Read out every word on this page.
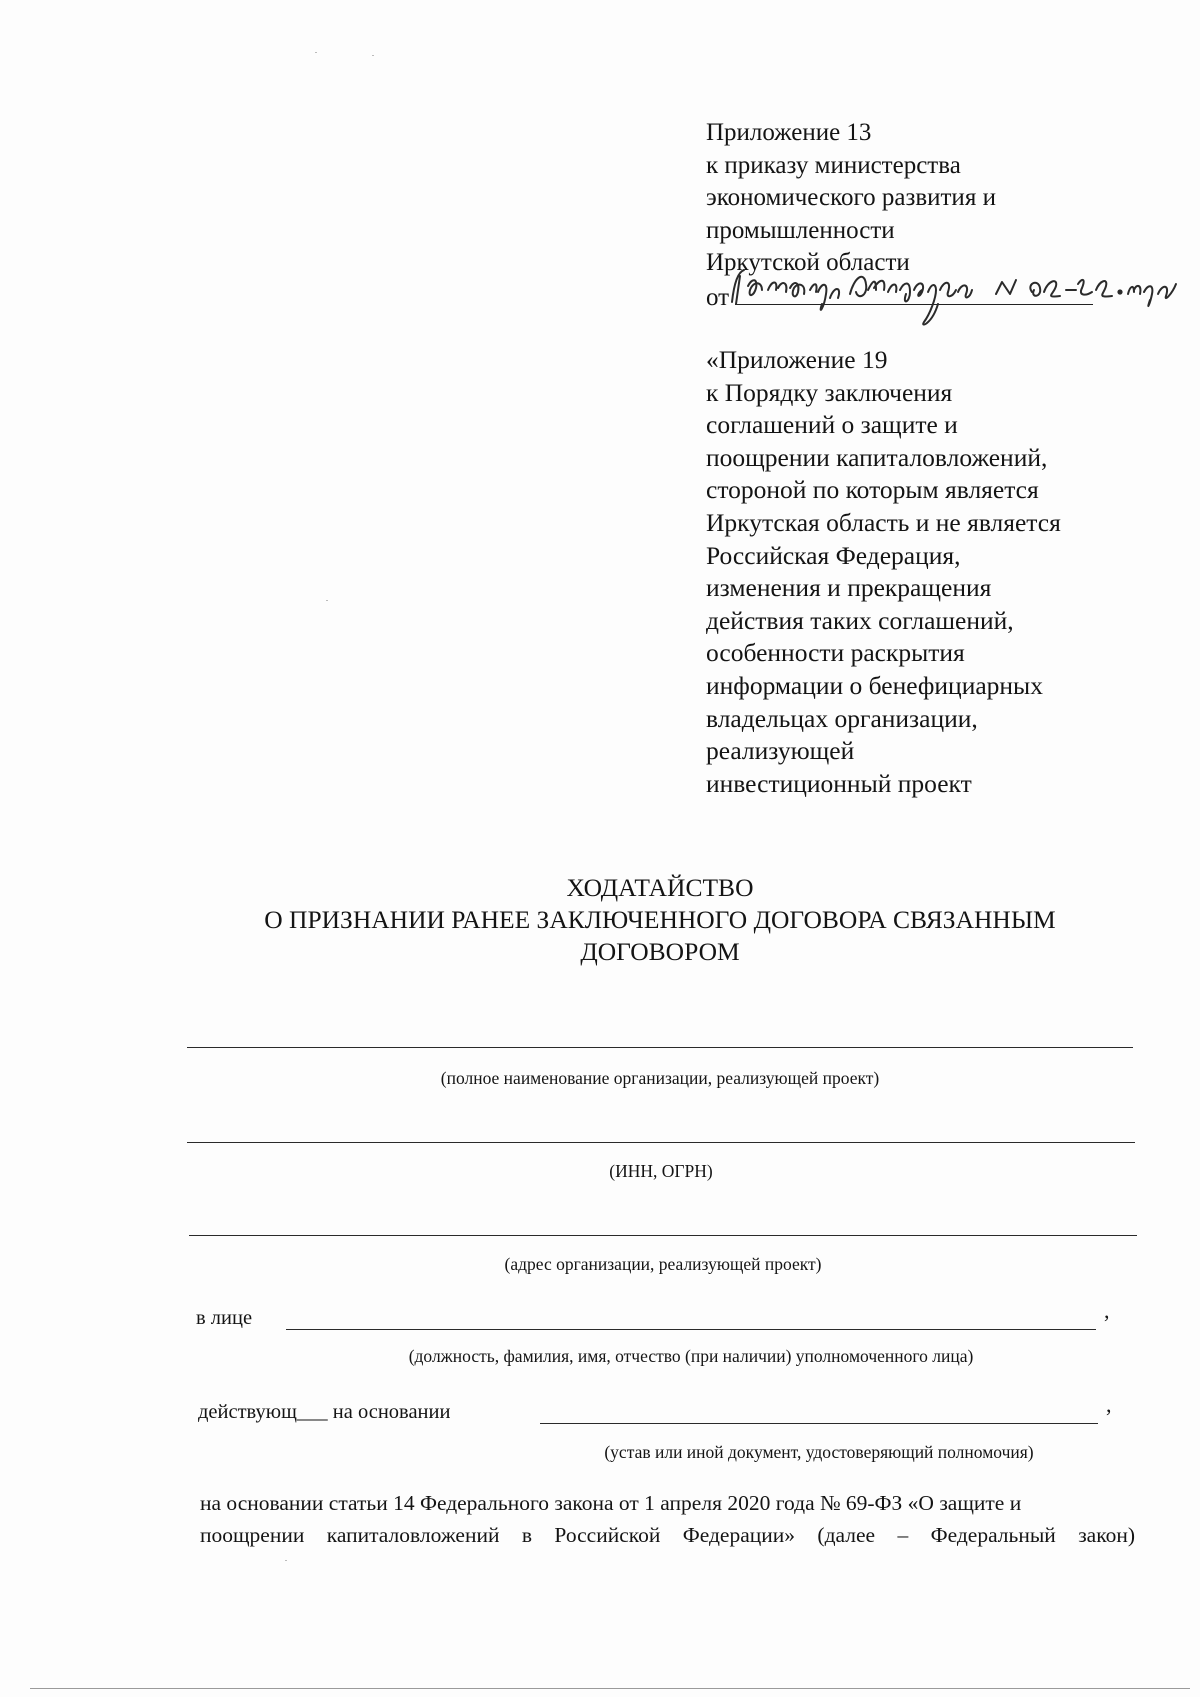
Приложение 13
к приказу министерства
экономического развития и
промышленности
Иркутской области
от
«Приложение 19
к Порядку заключения
соглашений о защите и
поощрении капиталовложений,
стороной по которым является
Иркутская область и не является
Российская Федерация,
изменения и прекращения
действия таких соглашений,
особенности раскрытия
информации о бенефициарных
владельцах организации,
реализующей
инвестиционный проект
ХОДАТАЙСТВО
О ПРИЗНАНИИ РАНЕЕ ЗАКЛЮЧЕННОГО ДОГОВОРА СВЯЗАННЫМ
ДОГОВОРОМ
(полное наименование организации, реализующей проект)
(ИНН, ОГРН)
(адрес организации, реализующей проект)
в лице	,
(должность, фамилия, имя, отчество (при наличии) уполномоченного лица)
действующ___ на основании	,
(устав или иной документ, удостоверяющий полномочия)
на основании статьи 14 Федерального закона от 1 апреля 2020 года № 69-ФЗ «О защите и
поощрении капиталовложений в Российской Федерации» (далее – Федеральный закон)
